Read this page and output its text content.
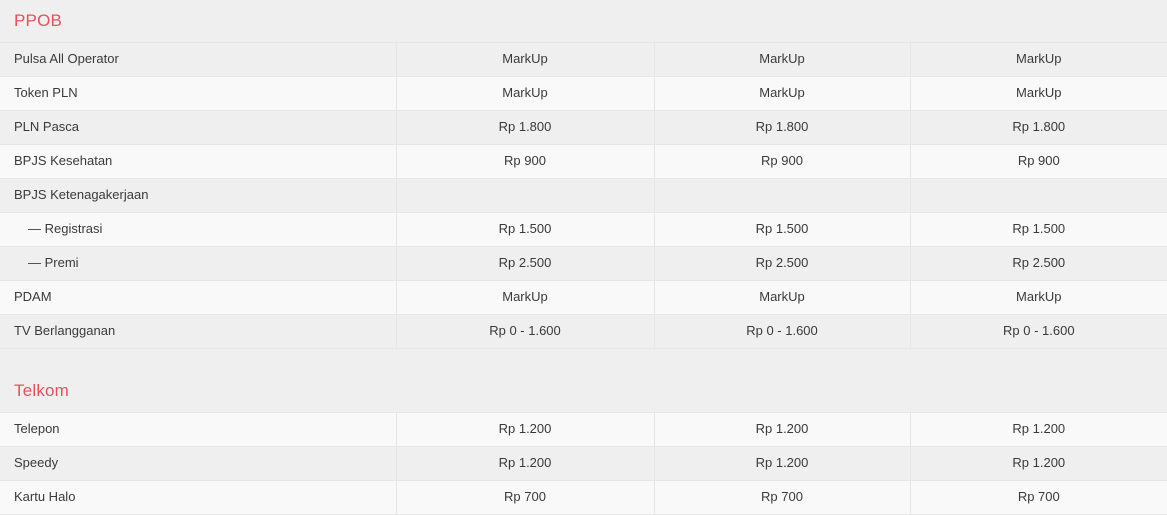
PPOB			
Pulsa All Operator	MarkUp	MarkUp	MarkUp
Token PLN	MarkUp	MarkUp	MarkUp
PLN Pasca	Rp 1.800	Rp 1.800	Rp 1.800
BPJS Kesehatan	Rp 900	Rp 900	Rp 900
BPJS Ketenagakerjaan			
— Registrasi	Rp 1.500	Rp 1.500	Rp 1.500
— Premi	Rp 2.500	Rp 2.500	Rp 2.500
PDAM	MarkUp	MarkUp	MarkUp
TV Berlangganan	Rp 0 - 1.600	Rp 0 - 1.600	Rp 0 - 1.600

Telkom			
Telepon	Rp 1.200	Rp 1.200	Rp 1.200
Speedy	Rp 1.200	Rp 1.200	Rp 1.200
Kartu Halo	Rp 700	Rp 700	Rp 700
